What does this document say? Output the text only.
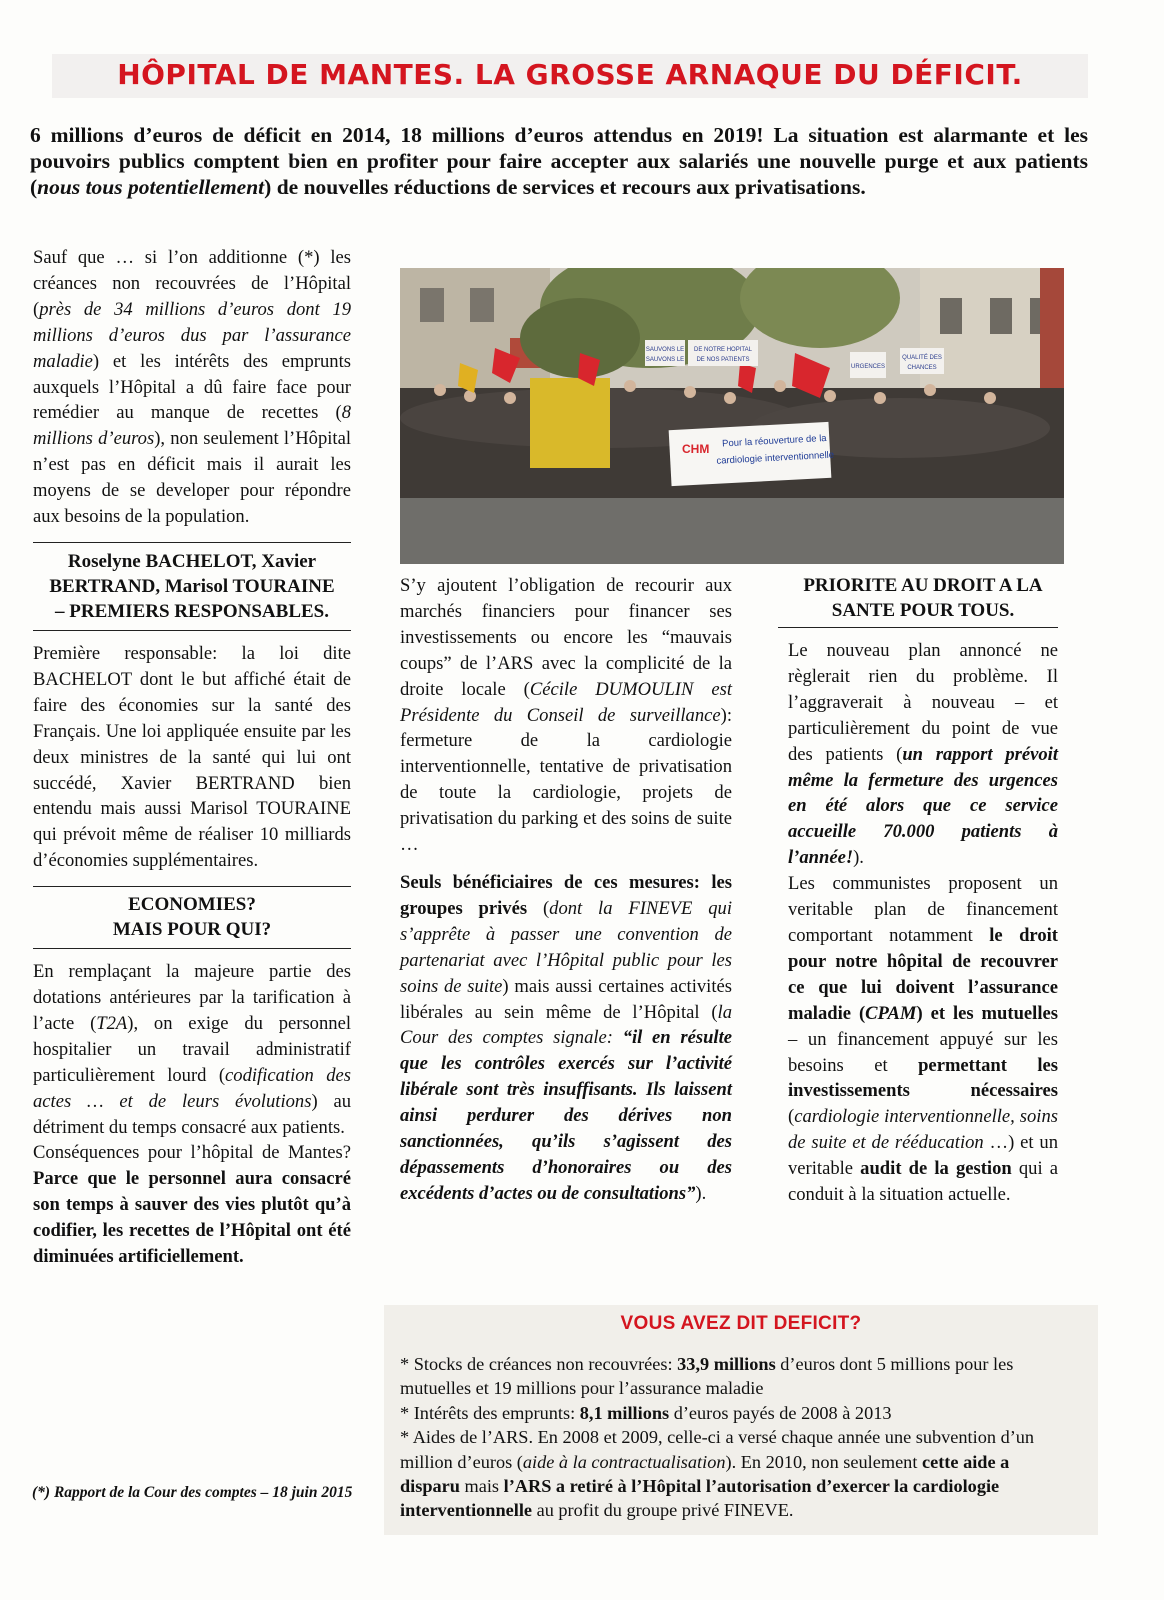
HÔPITAL DE MANTES. LA GROSSE ARNAQUE DU DÉFICIT.
6 millions d’euros de déficit en 2014, 18 millions d’euros attendus en 2019! La situation est alarmante et les pouvoirs publics comptent bien en profiter pour faire accepter aux salariés une nouvelle purge et aux patients (nous tous potentiellement) de nouvelles réductions de services et recours aux privatisations.
Sauf que … si l’on additionne (*) les créances non recouvrées de l’Hôpital (près de 34 millions d’euros dont 19 millions d’euros dus par l’assurance maladie) et les intérêts des emprunts auxquels l’Hôpital a dû faire face pour remédier au manque de recettes (8 millions d’euros), non seulement l’Hôpital n’est pas en déficit mais il aurait les moyens de se developer pour répondre aux besoins de la population.
Roselyne BACHELOT, Xavier BERTRAND, Marisol TOURAINE – PREMIERS RESPONSABLES.
Première responsable: la loi dite BACHELOT dont le but affiché était de faire des économies sur la santé des Français. Une loi appliquée ensuite par les deux ministres de la santé qui lui ont succédé, Xavier BERTRAND bien entendu mais aussi Marisol TOURAINE qui prévoit même de réaliser 10 milliards d’économies supplémentaires.
ECONOMIES?
MAIS POUR QUI?
En remplaçant la majeure partie des dotations antérieures par la tarification à l’acte (T2A), on exige du personnel hospitalier un travail administratif particulièrement lourd (codification des actes … et de leurs évolutions) au détriment du temps consacré aux patients.
Conséquences pour l’hôpital de Mantes? Parce que le personnel aura consacré son temps à sauver des vies plutôt qu’à codifier, les recettes de l’Hôpital ont été diminuées artificiellement.
(*) Rapport de la Cour des comptes – 18 juin 2015
SAUVONS LE
SAUVONS LE
DE NOTRE HOPITAL
DE NOS PATIENTS
URGENCES
QUALITÉ DES
CHANCES
CHM Pour la réouverture de la
cardiologie interventionnelle
S’y ajoutent l’obligation de recourir aux marchés financiers pour financer ses investissements ou encore les “mauvais coups” de l’ARS avec la complicité de la droite locale (Cécile DUMOULIN est Présidente du Conseil de surveillance): fermeture de la cardiologie interventionnelle, tentative de privatisation de toute la cardiologie, projets de privatisation du parking et des soins de suite …
Seuls bénéficiaires de ces mesures: les groupes privés (dont la FINEVE qui s’apprête à passer une convention de partenariat avec l’Hôpital public pour les soins de suite) mais aussi certaines activités libérales au sein même de l’Hôpital (la Cour des comptes signale: “il en résulte que les contrôles exercés sur l’activité libérale sont très insuffisants. Ils laissent ainsi perdurer des dérives non sanctionnées, qu’ils s’agissent des dépassements d’honoraires ou des excédents d’actes ou de consultations”).
PRIORITE AU DROIT A LA SANTE POUR TOUS.
Le nouveau plan annoncé ne règlerait rien du problème. Il l’aggraverait à nouveau – et particulièrement du point de vue des patients (un rapport prévoit même la fermeture des urgences en été alors que ce service accueille 70.000 patients à l’année!).
Les communistes proposent un veritable plan de financement comportant notamment le droit pour notre hôpital de recouvrer ce que lui doivent l’assurance maladie (CPAM) et les mutuelles – un financement appuyé sur les besoins et permettant les investissements nécessaires (cardiologie interventionnelle, soins de suite et de rééducation …) et un veritable audit de la gestion qui a conduit à la situation actuelle.
VOUS AVEZ DIT DEFICIT?
* Stocks de créances non recouvrées: 33,9 millions d’euros dont 5 millions pour les mutuelles et 19 millions pour l’assurance maladie
* Intérêts des emprunts: 8,1 millions d’euros payés de 2008 à 2013
* Aides de l’ARS. En 2008 et 2009, celle-ci a versé chaque année une subvention d’un million d’euros (aide à la contractualisation). En 2010, non seulement cette aide a disparu mais l’ARS a retiré à l’Hôpital l’autorisation d’exercer la cardiologie interventionnelle au profit du groupe privé FINEVE.
